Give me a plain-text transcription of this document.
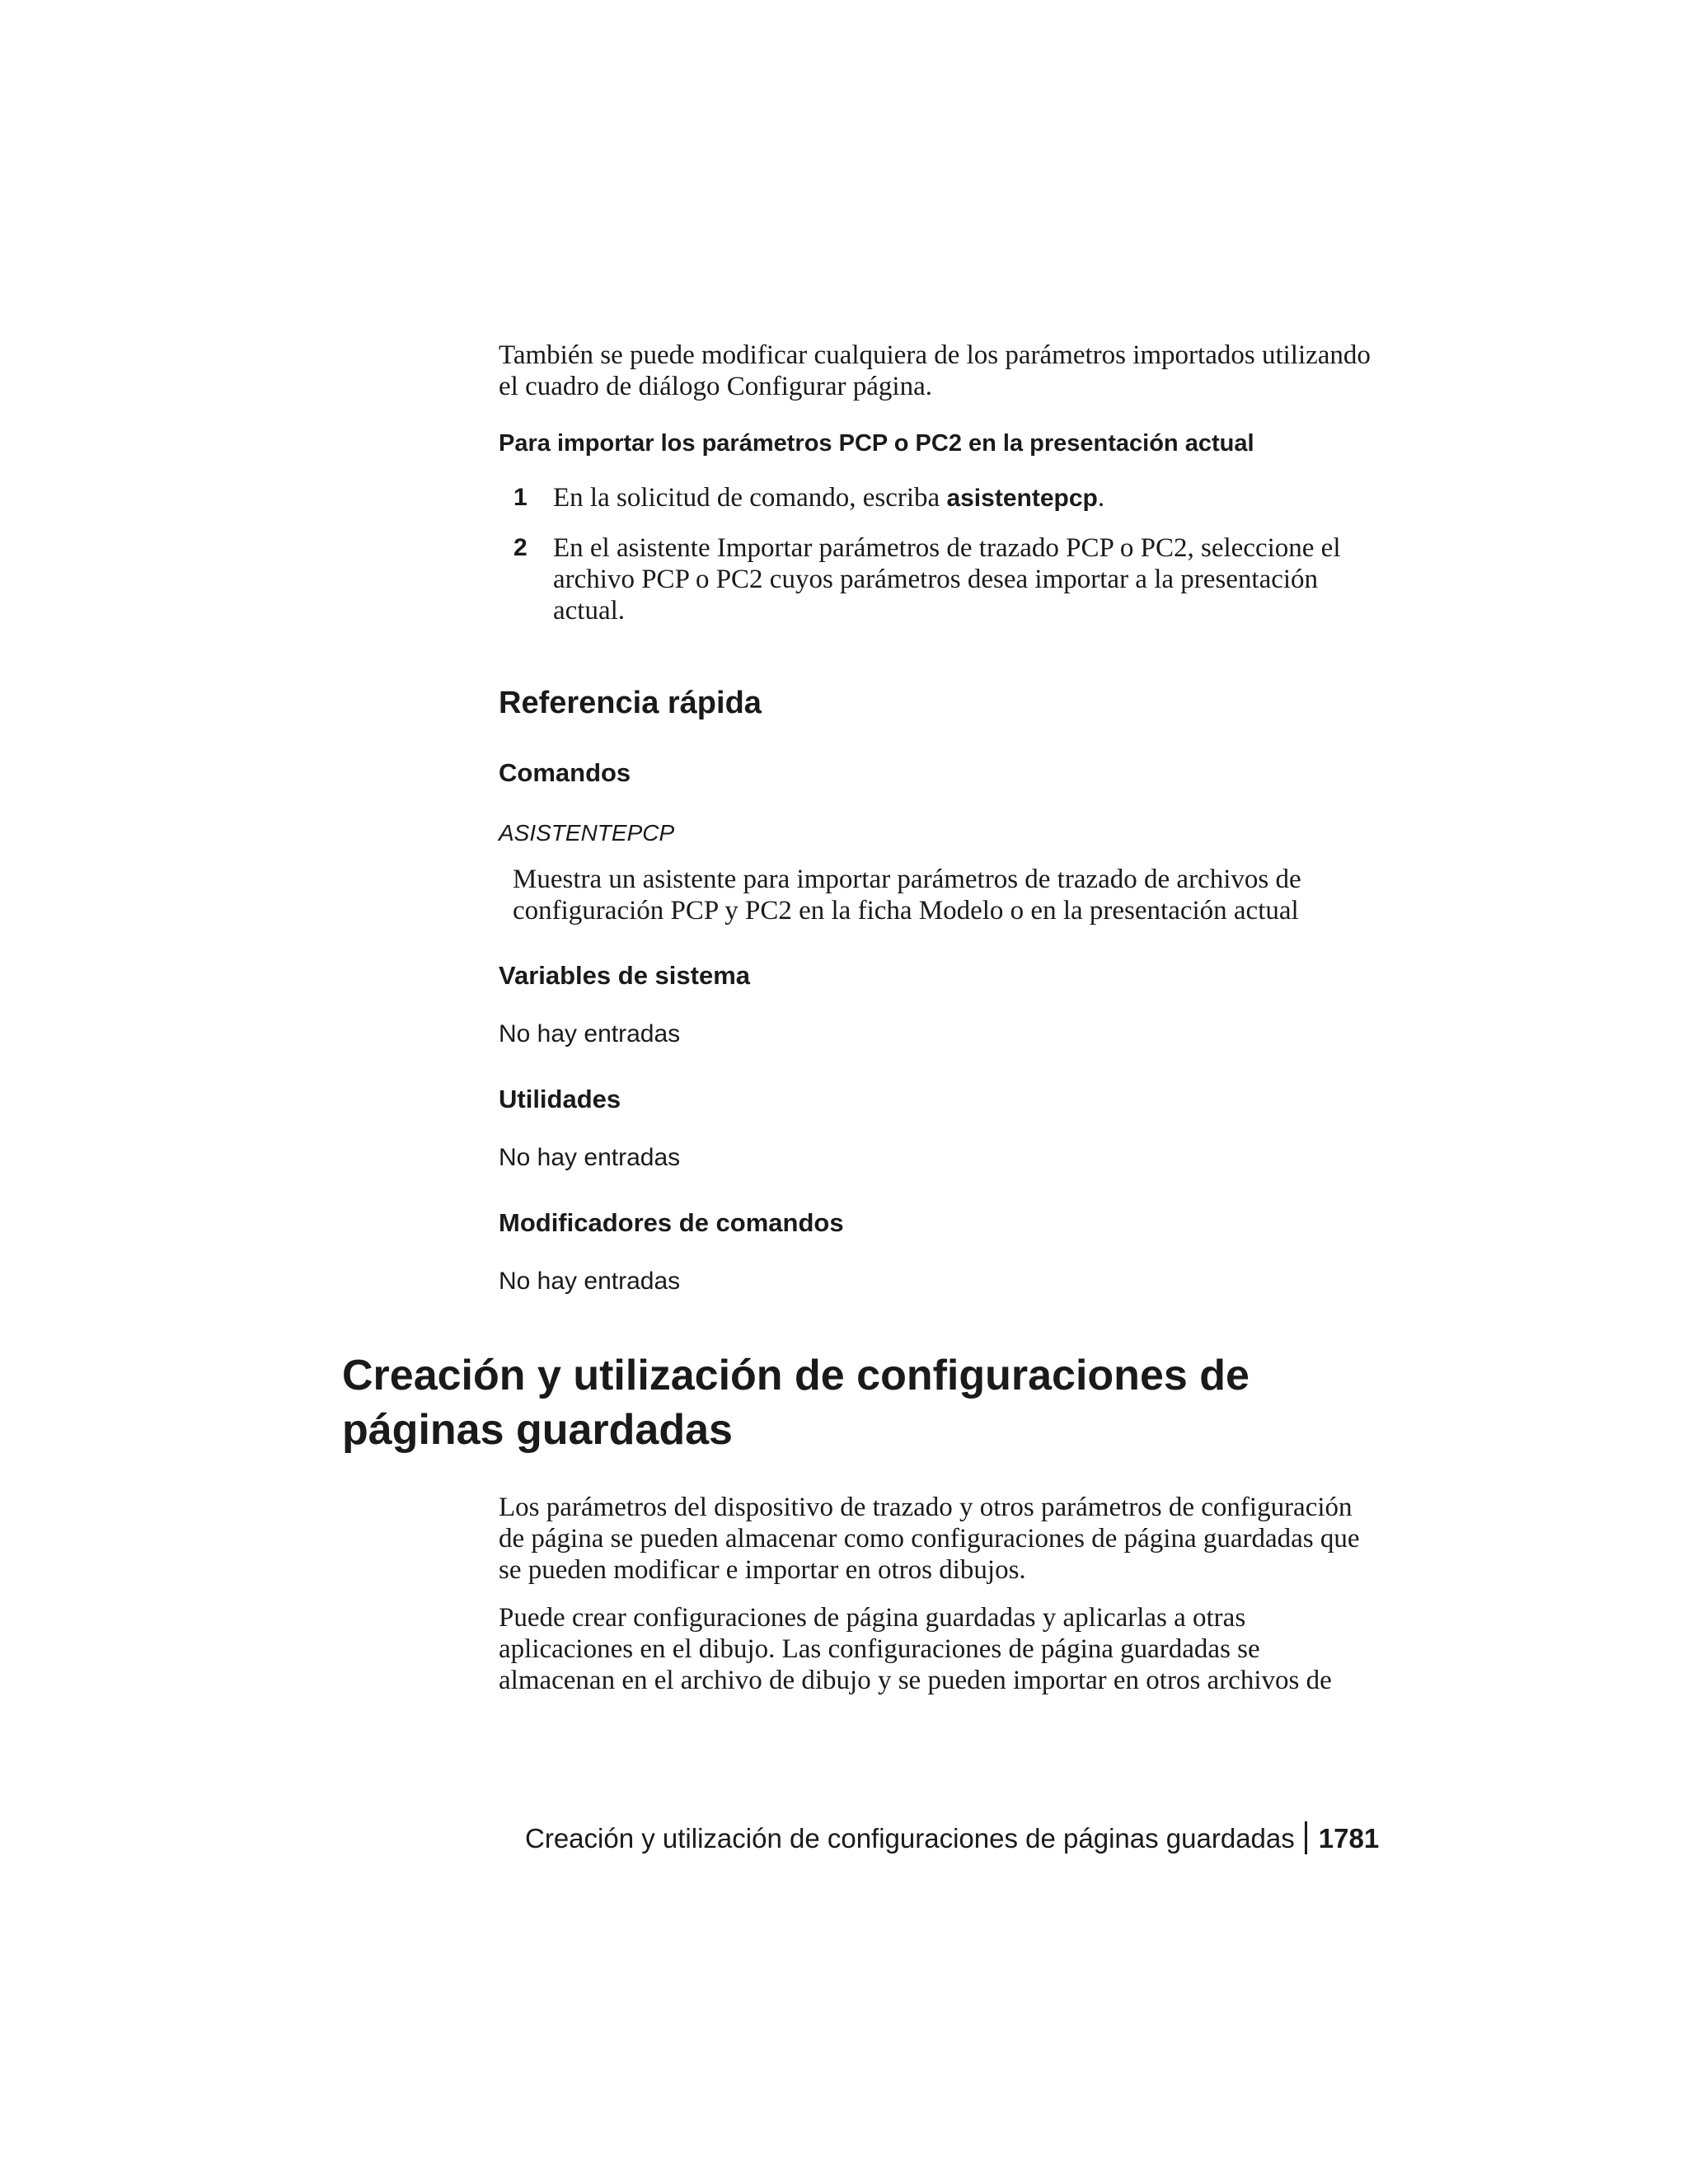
También se puede modificar cualquiera de los parámetros importados utilizando el cuadro de diálogo Configurar página.

Para importar los parámetros PCP o PC2 en la presentación actual

1 En la solicitud de comando, escriba asistentepcp.
2 En el asistente Importar parámetros de trazado PCP o PC2, seleccione el archivo PCP o PC2 cuyos parámetros desea importar a la presentación actual.
Referencia rápida
Comandos

ASISTENTEPCP

Muestra un asistente para importar parámetros de trazado de archivos de configuración PCP y PC2 en la ficha Modelo o en la presentación actual

Variables de sistema

No hay entradas

Utilidades

No hay entradas

Modificadores de comandos

No hay entradas

Creación y utilización de configuraciones de páginas guardadas

Los parámetros del dispositivo de trazado y otros parámetros de configuración de página se pueden almacenar como configuraciones de página guardadas que se pueden modificar e importar en otros dibujos.

Puede crear configuraciones de página guardadas y aplicarlas a otras aplicaciones en el dibujo. Las configuraciones de página guardadas se almacenan en el archivo de dibujo y se pueden importar en otros archivos de

Creación y utilización de configuraciones de páginas guardadas 1781
